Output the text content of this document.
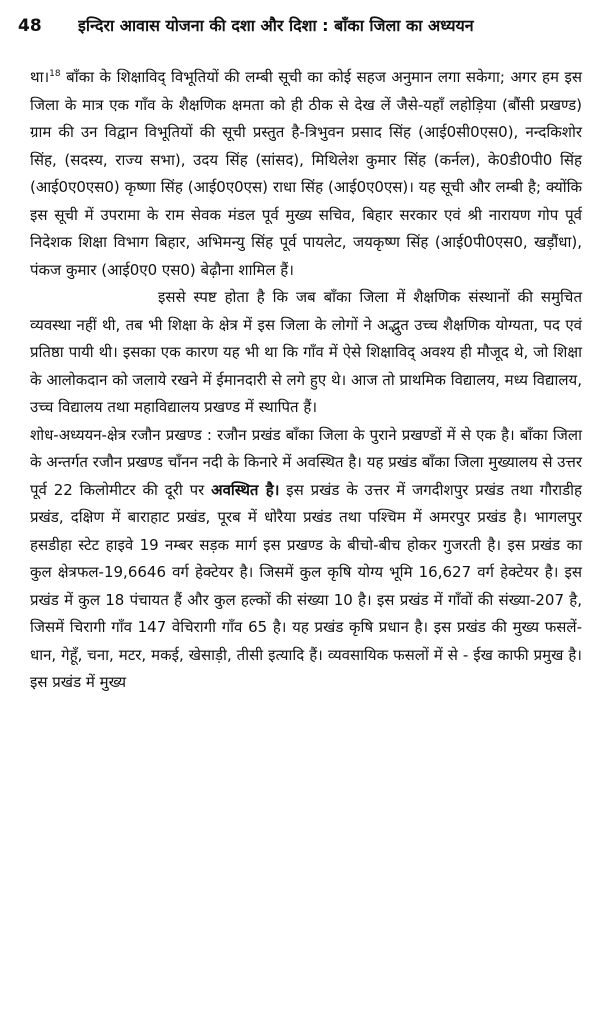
48 इन्दिरा आवास योजना की दशा और दिशा : बाँका जिला का अध्ययन

था।$^{18}$ बाँका के शिक्षाविद् विभूतियों की लम्बी सूची का कोई सहज अनुमान लगा सकेगा; अगर हम इस जिला के मात्र एक गाँव के शैक्षणिक क्षमता को ही ठीक से देख लें जैसे-यहाँ लहोड़िया (बौंसी प्रखण्ड) ग्राम की उन विद्वान विभूतियों की सूची प्रस्तुत है-त्रिभुवन प्रसाद सिंह (आई0सी0एस0), नन्दकिशोर सिंह, (सदस्य, राज्य सभा), उदय सिंह (सांसद), मिथिलेश कुमार सिंह (कर्नल), के0डी0पी0 सिंह (आई0ए0एस0) कृष्णा सिंह (आई0ए0एस) राधा सिंह (आई0ए0एस)। यह सूची और लम्बी है; क्योंकि इस सूची में उपरामा के राम सेवक मंडल पूर्व मुख्य सचिव, बिहार सरकार एवं श्री नारायण गोप पूर्व निदेशक शिक्षा विभाग बिहार, अभिमन्यु सिंह पूर्व पायलेट, जयकृष्ण सिंह (आई0पी0एस0, खड़ौंधा), पंकज कुमार (आई0ए0 एस0) बेढ़ौना शामिल हैं।

इससे स्पष्ट होता है कि जब बाँका जिला में शैक्षणिक संस्थानों की समुचित व्यवस्था नहीं थी, तब भी शिक्षा के क्षेत्र में इस जिला के लोगों ने अद्भुत उच्च शैक्षणिक योग्यता, पद एवं प्रतिष्ठा पायी थी। इसका एक कारण यह भी था कि गाँव में ऐसे शिक्षाविद् अवश्य ही मौजूद थे, जो शिक्षा के आलोकदान को जलाये रखने में ईमानदारी से लगे हुए थे। आज तो प्राथमिक विद्यालय, मध्य विद्यालय, उच्च विद्यालय तथा महाविद्यालय प्रखण्ड में स्थापित हैं।

शोध-अध्ययन-क्षेत्र रजौन प्रखण्ड : रजौन प्रखंड बाँका जिला के पुराने प्रखण्डों में से एक है। बाँका जिला के अन्तर्गत रजौन प्रखण्ड चाँनन नदी के किनारे में अवस्थित है। यह प्रखंड बाँका जिला मुख्यालय से उत्तर पूर्व 22 किलोमीटर की दूरी पर अवस्थित है। इस प्रखंड के उत्तर में जगदीशपुर प्रखंड तथा गौराडीह प्रखंड, दक्षिण में बाराहाट प्रखंड, पूरब में धोरैया प्रखंड तथा पश्चिम में अमरपुर प्रखंड है। भागलपुर हसडीहा स्टेट हाइवे 19 नम्बर सड़क मार्ग इस प्रखण्ड के बीचो-बीच होकर गुजरती है। इस प्रखंड का कुल क्षेत्रफल-19,6646 वर्ग हेक्टेयर है। जिसमें कुल कृषि योग्य भूमि 16,627 वर्ग हेक्टेयर है। इस प्रखंड में कुल 18 पंचायत हैं और कुल हल्कों की संख्या 10 है। इस प्रखंड में गाँवों की संख्या-207 है, जिसमें चिरागी गाँव 147 वेचिरागी गाँव 65 है। यह प्रखंड कृषि प्रधान है। इस प्रखंड की मुख्य फसलें-धान, गेहूँ, चना, मटर, मकई, खेसाड़ी, तीसी इत्यादि हैं। व्यवसायिक फसलों में से - ईख काफी प्रमुख है। इस प्रखंड में मुख्य
